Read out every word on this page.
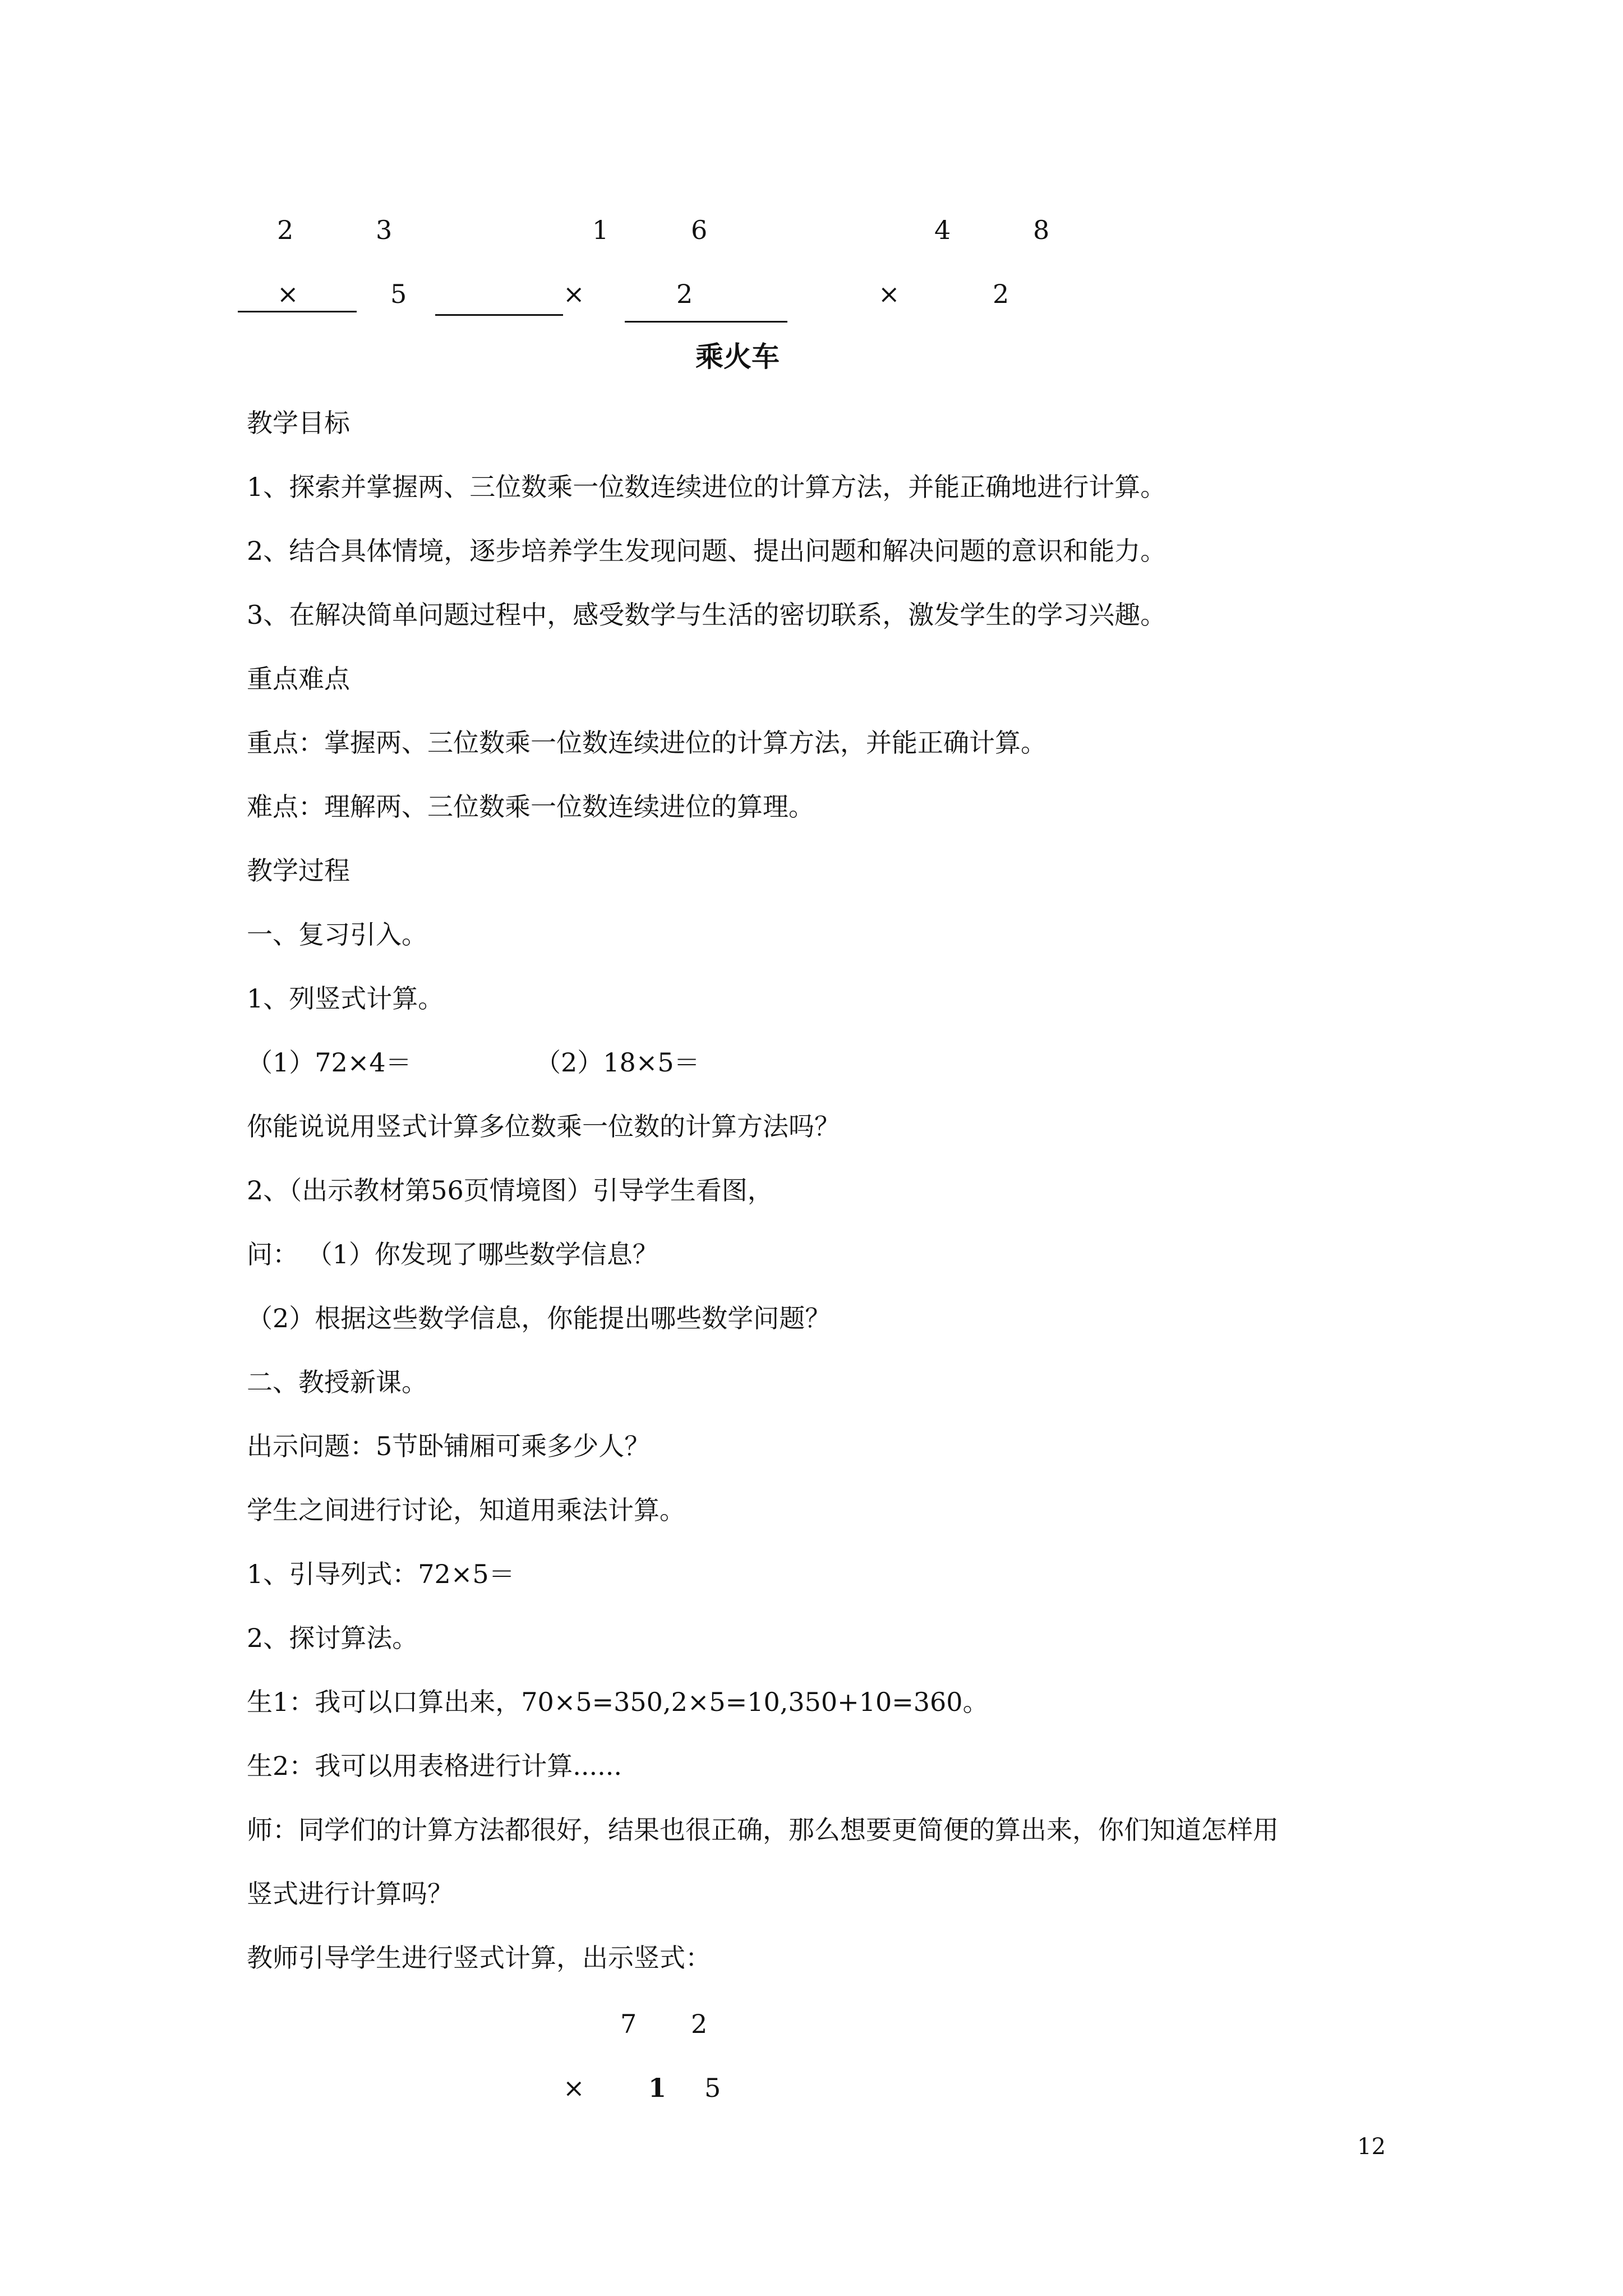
2	3
×	5
1	6
×	2
4	8
×	2
乘火车
教学目标
1、探索并掌握两、三位数乘一位数连续进位的计算方法，并能正确地进行计算。
2、结合具体情境，逐步培养学生发现问题、提出问题和解决问题的意识和能力。
3、在解决简单问题过程中，感受数学与生活的密切联系，激发学生的学习兴趣。
重点难点
重点：掌握两、三位数乘一位数连续进位的计算方法，并能正确计算。
难点：理解两、三位数乘一位数连续进位的算理。
教学过程
一、复习引入。
1、列竖式计算。
（1）72×4＝	（2）18×5＝
你能说说用竖式计算多位数乘一位数的计算方法吗？
2、（出示教材第56页情境图）引导学生看图，
问： （1）你发现了哪些数学信息？
（2）根据这些数学信息，你能提出哪些数学问题？
二、教授新课。
出示问题：5节卧铺厢可乘多少人？
学生之间进行讨论，知道用乘法计算。
1、引导列式：72×5＝
2、探讨算法。
生1：我可以口算出来，70×5=350,2×5=10,350+10=360。
生2：我可以用表格进行计算......
师：同学们的计算方法都很好，结果也很正确，那么想要更简便的算出来，你们知道怎样用
竖式进行计算吗？
教师引导学生进行竖式计算，出示竖式：
7 2
× 1 5
12
